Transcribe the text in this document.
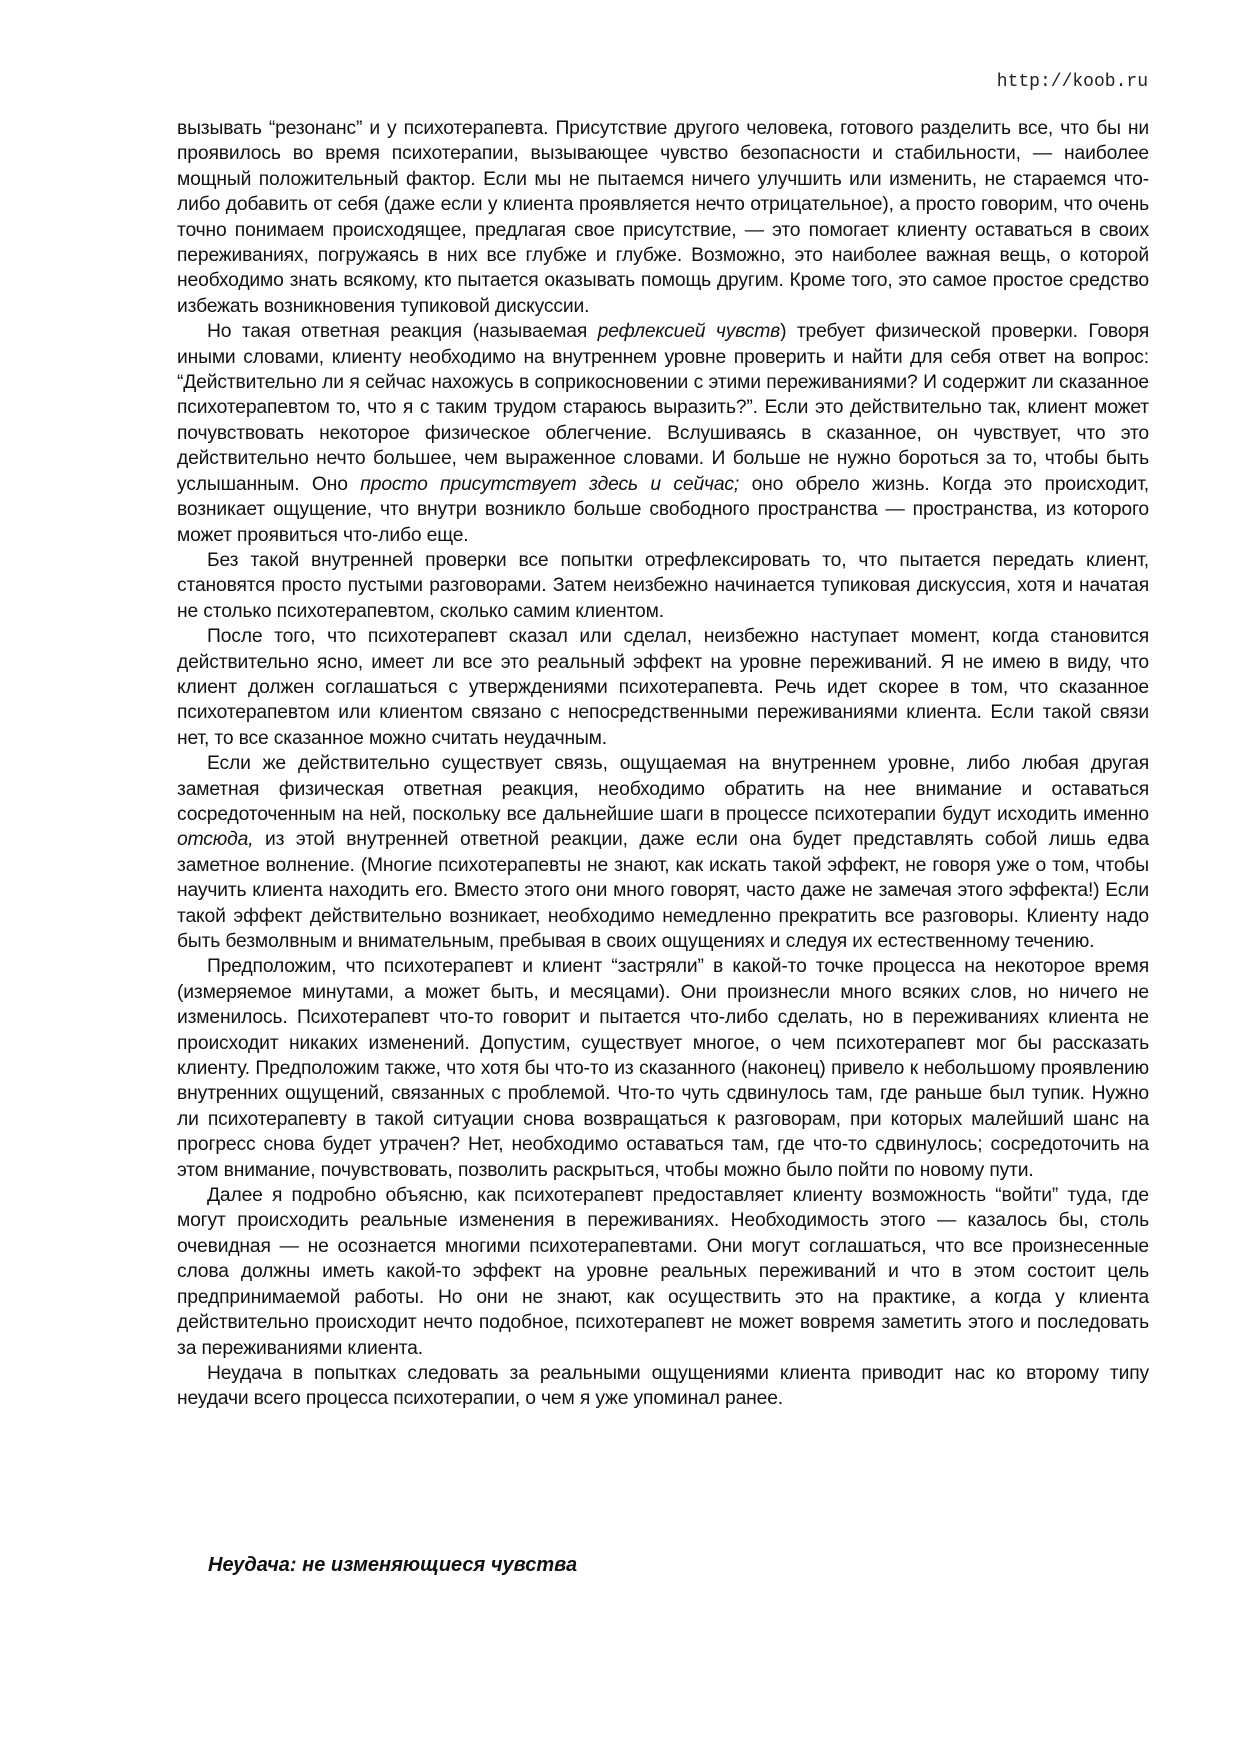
http://koob.ru

вызывать “резонанс” и у психотерапевта. Присутствие другого человека, готового разделить все, что бы ни проявилось во время психотерапии, вызывающее чувство безопасности и стабильности, — наиболее мощный положительный фактор. Если мы не пытаемся ничего улучшить или изменить, не стараемся что-либо добавить от себя (даже если у клиента проявляется нечто отрицательное), а просто говорим, что очень точно понимаем происходящее, предлагая свое присутствие, — это помогает клиенту оставаться в своих переживаниях, погружаясь в них все глубже и глубже. Возможно, это наиболее важная вещь, о которой необходимо знать всякому, кто пытается оказывать помощь другим. Кроме того, это самое простое средство избежать возникновения тупиковой дискуссии.

Но такая ответная реакция (называемая рефлексией чувств) требует физической проверки. Говоря иными словами, клиенту необходимо на внутреннем уровне проверить и найти для себя ответ на вопрос: “Действительно ли я сейчас нахожусь в соприкосновении с этими переживаниями? И содержит ли сказанное психотерапевтом то, что я с таким трудом стараюсь выразить?”. Если это действительно так, клиент может почувствовать некоторое физическое облегчение. Вслушиваясь в сказанное, он чувствует, что это действительно нечто большее, чем выраженное словами. И больше не нужно бороться за то, чтобы быть услышанным. Оно просто присутствует здесь и сейчас; оно обрело жизнь. Когда это происходит, возникает ощущение, что внутри возникло больше свободного пространства — пространства, из которого может проявиться что-либо еще.

Без такой внутренней проверки все попытки отрефлексировать то, что пытается передать клиент, становятся просто пустыми разговорами. Затем неизбежно начинается тупиковая дискуссия, хотя и начатая не столько психотерапевтом, сколько самим клиентом.

После того, что психотерапевт сказал или сделал, неизбежно наступает момент, когда становится действительно ясно, имеет ли все это реальный эффект на уровне переживаний. Я не имею в виду, что клиент должен соглашаться с утверждениями психотерапевта. Речь идет скорее в том, что сказанное психотерапевтом или клиентом связано с непосредственными переживаниями клиента. Если такой связи нет, то все сказанное можно считать неудачным.

Если же действительно существует связь, ощущаемая на внутреннем уровне, либо любая другая заметная физическая ответная реакция, необходимо обратить на нее внимание и оставаться сосредоточенным на ней, поскольку все дальнейшие шаги в процессе психотерапии будут исходить именно отсюда, из этой внутренней ответной реакции, даже если она будет представлять собой лишь едва заметное волнение. (Многие психотерапевты не знают, как искать такой эффект, не говоря уже о том, чтобы научить клиента находить его. Вместо этого они много говорят, часто даже не замечая этого эффекта!) Если такой эффект действительно возникает, необходимо немедленно прекратить все разговоры. Клиенту надо быть безмолвным и внимательным, пребывая в своих ощущениях и следуя их естественному течению.

Предположим, что психотерапевт и клиент “застряли” в какой-то точке процесса на некоторое время (измеряемое минутами, а может быть, и месяцами). Они произнесли много всяких слов, но ничего не изменилось. Психотерапевт что-то говорит и пытается что-либо сделать, но в переживаниях клиента не происходит никаких изменений. Допустим, существует многое, о чем психотерапевт мог бы рассказать клиенту. Предположим также, что хотя бы что-то из сказанного (наконец) привело к небольшому проявлению внутренних ощущений, связанных с проблемой. Что-то чуть сдвинулось там, где раньше был тупик. Нужно ли психотерапевту в такой ситуации снова возвращаться к разговорам, при которых малейший шанс на прогресс снова будет утрачен? Нет, необходимо оставаться там, где что-то сдвинулось; сосредоточить на этом внимание, почувствовать, позволить раскрыться, чтобы можно было пойти по новому пути.

Далее я подробно объясню, как психотерапевт предоставляет клиенту возможность “войти” туда, где могут происходить реальные изменения в переживаниях. Необходимость этого — казалось бы, столь очевидная — не осознается многими психотерапевтами. Они могут соглашаться, что все произнесенные слова должны иметь какой-то эффект на уровне реальных переживаний и что в этом состоит цель предпринимаемой работы. Но они не знают, как осуществить это на практике, а когда у клиента действительно происходит нечто подобное, психотерапевт не может вовремя заметить этого и последовать за переживаниями клиента.

Неудача в попытках следовать за реальными ощущениями клиента приводит нас ко второму типу неудачи всего процесса психотерапии, о чем я уже упоминал ранее.

Неудача: не изменяющиеся чувства
